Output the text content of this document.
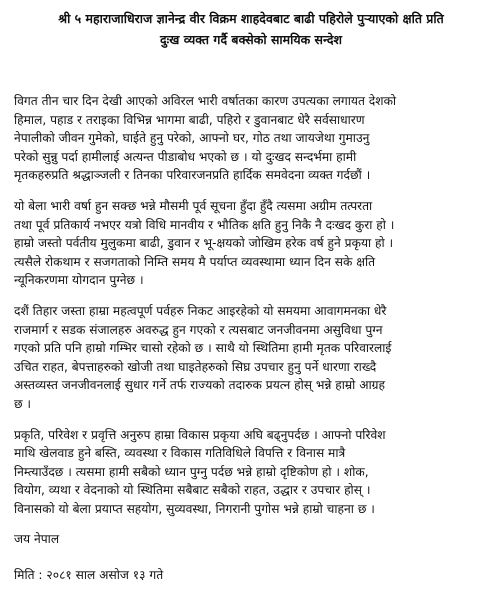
श्री ५ महाराजाधिराज ज्ञानेन्द्र वीर विक्रम शाहदेवबाट बाढी पहिरोले पुर्‍याएको क्षति प्रति
दुःख व्यक्त गर्दै बक्सेको सामयिक सन्देश

विगत तीन चार दिन देखी आएको अविरल भारी वर्षातका कारण उपत्यका लगायत देशको
हिमाल, पहाड र तराइका विभिन्न भागमा बाढी, पहिरो र डुवानबाट धेरै सर्वसाधारण
नेपालीको जीवन गुमेको, घाईते हुनु परेको, आफ्नो घर, गोठ तथा जायजेथा गुमाउनु
परेको सुन्नु पर्दा हामीलाई अत्यन्त पीडाबोध भएको छ । यो दुःखद सन्दर्भमा हामी
मृतकहरुप्रति श्रद्धाञ्जली र तिनका परिवारजनप्रति हार्दिक समवेदना व्यक्त गर्दछौं ।

यो बेला भारी वर्षा हुन सक्छ भन्ने मौसमी पूर्व सूचना हुँदा हुँदै त्यसमा अग्रीम तत्परता
तथा पूर्व प्रतिकार्य नभएर यत्रो विधि मानवीय र भौतिक क्षति हुनु निकै नै दःखद कुरा हो ।
हाम्रो जस्तो पर्वतीय मुलुकमा बाढी, डुवान र भू-क्षयको जोखिम हरेक वर्ष हुने प्रकृया हो ।
त्यसैले रोकथाम र सजगताको निम्ति समय मै पर्याप्त व्यवस्थामा ध्यान दिन सके क्षति
न्यूनिकरणमा योगदान पुग्नेछ ।

दशैं तिहार जस्ता हाम्रा महत्वपूर्ण पर्वहरु निकट आइरहेको यो समयमा आवागमनका धेरै
राजमार्ग र सडक संजालहरु अवरुद्ध हुन गएको र त्यसबाट जनजीवनमा असुविधा पुग्न
गएको प्रति पनि हाम्रो गम्भिर चासो रहेको छ । साथै यो स्थितिमा हामी मृतक परिवारलाई
उचित राहत, बेपत्ताहरुको खोजी तथा घाइतेहरुको सिघ्र उपचार हुनु पर्ने धारणा राख्दै
अस्तव्यस्त जनजीवनलाई सुधार गर्ने तर्फ राज्यको तदारुक प्रयत्न होस् भन्ने हाम्रो आग्रह
छ ।

प्रकृति, परिवेश र प्रवृत्ति अनुरुप हाम्रा विकास प्रकृया अघि बढ्नुपर्दछ । आफ्नो परिवेश
माथि खेलवाड हुने बस्ति, व्यवस्था र विकास गतिविधिले विपत्ति र विनास मात्रै
निम्त्याउँदछ । त्यसमा हामी सबैको ध्यान पुग्नु पर्दछ भन्ने हाम्रो दृष्टिकोण हो । शोक,
वियोग, व्यथा र वेदनाको यो स्थितिमा सबैबाट सबैको राहत, उद्धार र उपचार होस् ।
विनासको यो बेला प्रयाप्त सहयोग, सुव्यवस्था, निगरानी पुगोस भन्ने हाम्रो चाहना छ ।

जय नेपाल

मिति : २०८१ साल असोज १३ गते
